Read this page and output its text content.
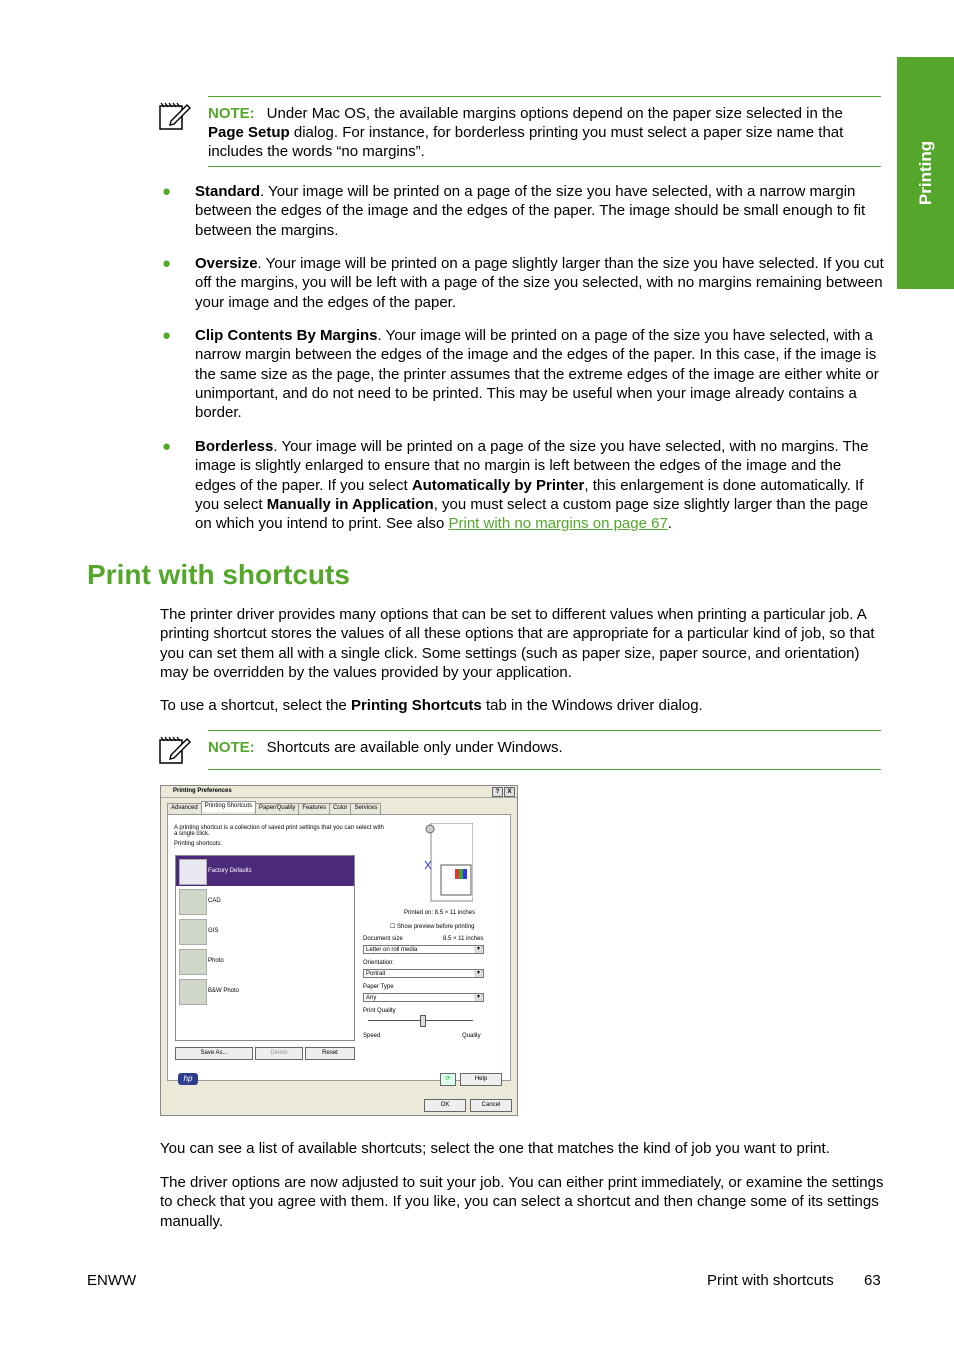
Printing
NOTE: Under Mac OS, the available margins options depend on the paper size selected in the Page Setup dialog. For instance, for borderless printing you must select a paper size name that includes the words “no margins”.
● Standard. Your image will be printed on a page of the size you have selected, with a narrow margin between the edges of the image and the edges of the paper. The image should be small enough to fit between the margins.
● Oversize. Your image will be printed on a page slightly larger than the size you have selected. If you cut off the margins, you will be left with a page of the size you selected, with no margins remaining between your image and the edges of the paper.
● Clip Contents By Margins. Your image will be printed on a page of the size you have selected, with a narrow margin between the edges of the image and the edges of the paper. In this case, if the image is the same size as the page, the printer assumes that the extreme edges of the image are either white or unimportant, and do not need to be printed. This may be useful when your image already contains a border.
● Borderless. Your image will be printed on a page of the size you have selected, with no margins. The image is slightly enlarged to ensure that no margin is left between the edges of the image and the edges of the paper. If you select Automatically by Printer, this enlargement is done automatically. If you select Manually in Application, you must select a custom page size slightly larger than the page on which you intend to print. See also Print with no margins on page 67.
Print with shortcuts

The printer driver provides many options that can be set to different values when printing a particular job. A printing shortcut stores the values of all these options that are appropriate for a particular kind of job, so that you can set them all with a single click. Some settings (such as paper size, paper source, and orientation) may be overridden by the values provided by your application.

To use a shortcut, select the Printing Shortcuts tab in the Windows driver dialog.

NOTE: Shortcuts are available only under Windows.
Printing Preferences	?	X
Advanced	Printing Shortcuts	Paper/Quality	Features	Color	Services
A printing shortcut is a collection of saved print settings that you can select with a single click.
Printing shortcuts:
Factory Defaults
CAD
GIS
Photo
B&W Photo
Save As...	Delete	Reset
Printed on: 8.5 × 11 inches
☐ Show preview before printing
Document size	8.5 × 11 inches
Letter on roll media ▼
Orientation:
Portrait ▼
Paper Type
Any ▼
Print Quality
Speed	Quality
hp	⟳	Help
OK	Cancel

You can see a list of available shortcuts; select the one that matches the kind of job you want to print.

The driver options are now adjusted to suit your job. You can either print immediately, or examine the settings to check that you agree with them. If you like, you can select a shortcut and then change some of its settings manually.

ENWW	Print with shortcuts 63
